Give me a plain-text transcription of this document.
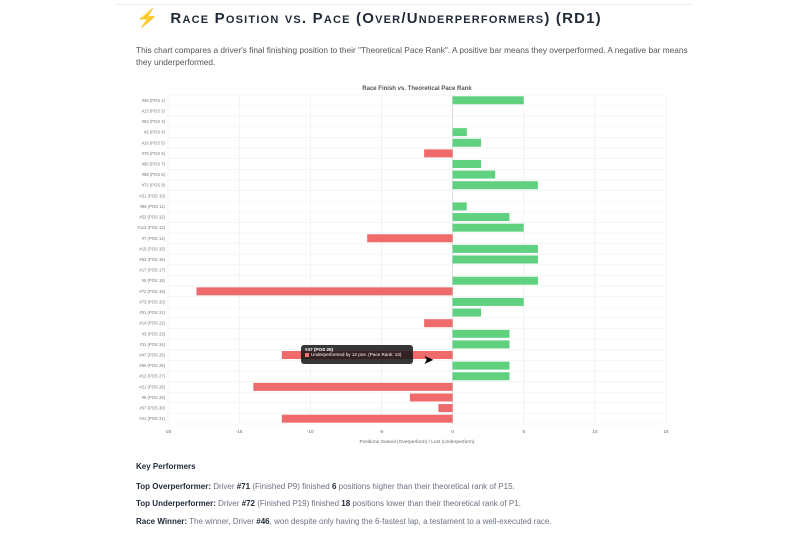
⚡ Race Position vs. Pace (Over/Underperformers) (RD1)
This chart compares a driver's final finishing position to their "Theoretical Pace Rank". A positive bar means they overperformed. A negative bar means they underperformed.
Race Finish vs. Theoretical Pace Rank
-20	-15	-10	-5	0	5	10	15
#46 (POS 1)
#13 (POS 2)
#93 (POS 3)
#2 (POS 4)
#16 (POS 5)
#78 (POS 6)
#66 (POS 7)
#88 (POS 8)
#71 (POS 9)
#31 (POS 10)
#86 (POS 11)
#52 (POS 12)
#113 (POS 13)
#7 (POS 14)
#15 (POS 15)
#63 (POS 16)
#17 (POS 17)
#5 (POS 18)
#72 (POS 19)
#73 (POS 20)
#51 (POS 21)
#14 (POS 22)
#3 (POS 23)
#11 (POS 24)
#47 (POS 25)
#60 (POS 26)
#12 (POS 27)
#21 (POS 28)
#5 (POS 29)
#57 (POS 30)
#41 (POS 31)
Positions Gained (Overperform) / Lost (Underperform)
#47 (POS 25)
Underperformed by 12 pos. (Pace Rank: 13)	➤
Key Performers
Top Overperformer: Driver #71 (Finished P9) finished 6 positions higher than their theoretical rank of P15.
Top Underperformer: Driver #72 (Finished P19) finished 18 positions lower than their theoretical rank of P1.
Race Winner: The winner, Driver #46, won despite only having the 6-fastest lap, a testament to a well-executed race.
